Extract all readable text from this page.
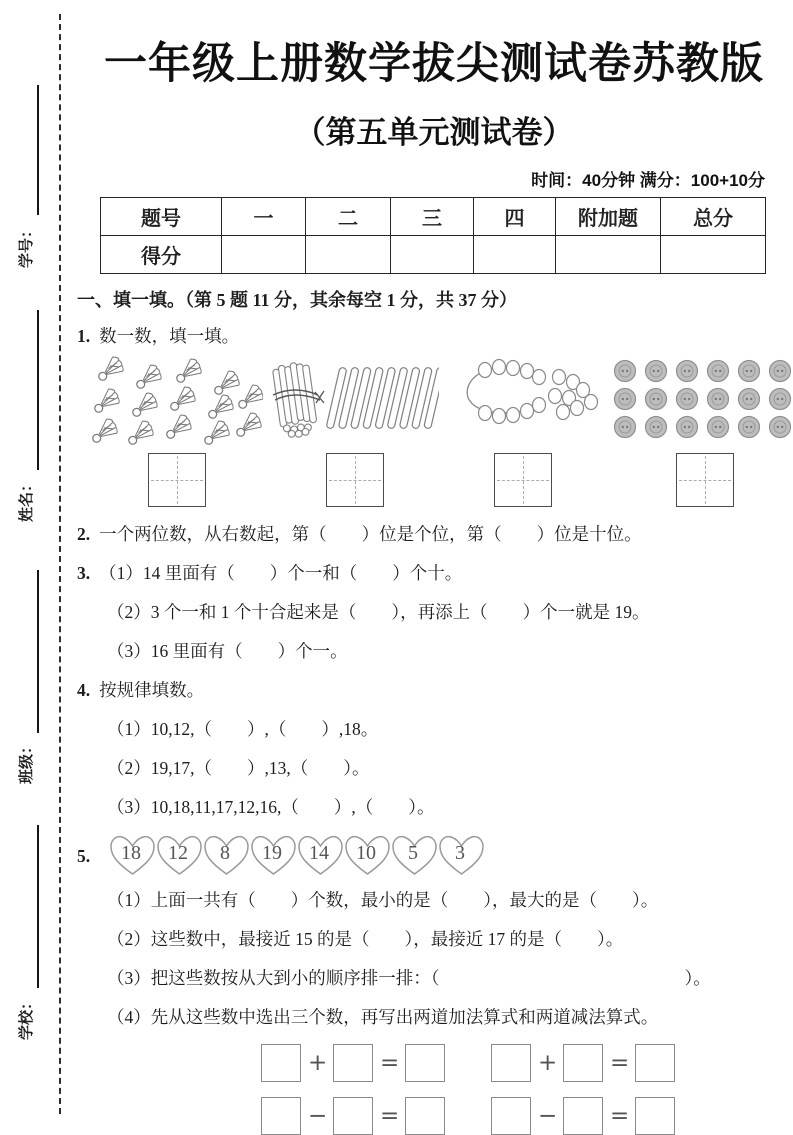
学号：
姓名：
班级：
学校：
一年级上册数学拔尖测试卷苏教版
（第五单元测试卷）
时间：40分钟 满分：100+10分
题号	一	二	三	四	附加题	总分
得分						
一、填一填。（第 5 题 11 分，其余每空 1 分，共 37 分）
1. 数一数，填一填。
2. 一个两位数，从右数起，第（　　）位是个位，第（　　）位是十位。
3. （1）14 里面有（　　）个一和（　　）个十。
（2）3 个一和 1 个十合起来是（　　），再添上（　　）个一就是 19。
（3）16 里面有（　　）个一。
4. 按规律填数。
（1）10,12,（　　）,（　　）,18。
（2）19,17,（　　）,13,（　　）。
（3）10,18,11,17,12,16,（　　）,（　　）。
5. 18 12 8 19 14 10 5 3
（1）上面一共有（　　）个数，最小的是（　　），最大的是（　　）。
（2）这些数中，最接近 15 的是（　　），最接近 17 的是（　　）。
（3）把这些数按从大到小的顺序排一排：（　　　　　　　　　　　　　　）。
（4）先从这些数中选出三个数，再写出两道加法算式和两道减法算式。
+ =
− =
+ =
− =
